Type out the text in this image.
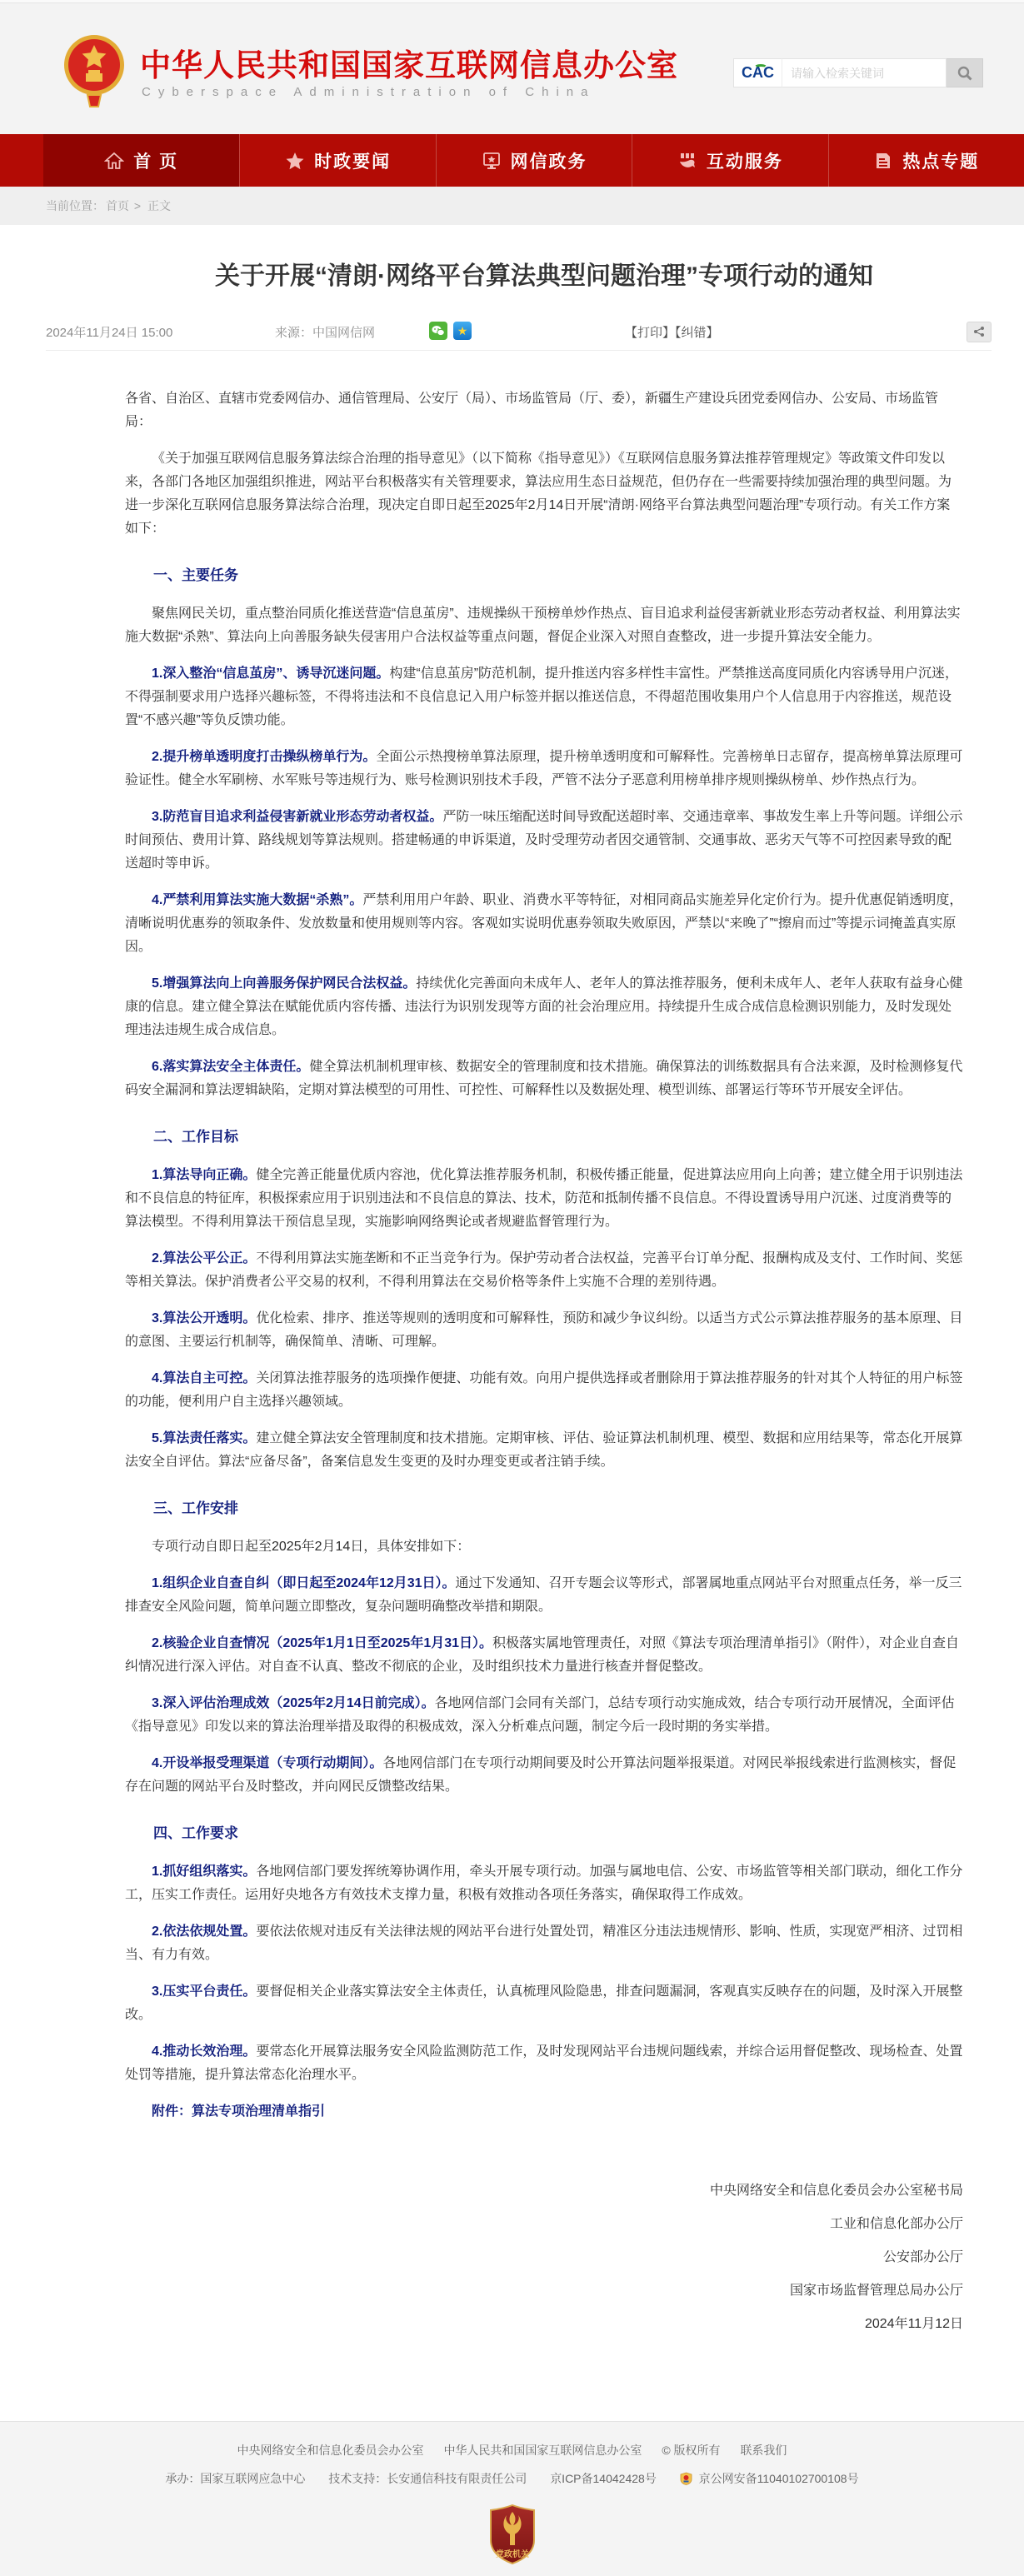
中华人民共和国国家互联网信息办公室
Cyberspace Administration of China
CAC
请输入检索关键词
首 页	时政要闻	网信政务	互动服务	热点专题
当前位置： 首页 > 正文
关于开展“清朗·网络平台算法典型问题治理”专项行动的通知
2024年11月24日 15:00	来源：中国网信网	★	【打印】【纠错】

各省、自治区、直辖市党委网信办、通信管理局、公安厅（局）、市场监管局（厅、委），新疆生产建设兵团党委网信办、公安局、市场监管局：

《关于加强互联网信息服务算法综合治理的指导意见》（以下简称《指导意见》）《互联网信息服务算法推荐管理规定》等政策文件印发以来，各部门各地区加强组织推进，网站平台积极落实有关管理要求，算法应用生态日益规范，但仍存在一些需要持续加强治理的典型问题。为进一步深化互联网信息服务算法综合治理，现决定自即日起至2025年2月14日开展“清朗·网络平台算法典型问题治理”专项行动。有关工作方案如下：

一、主要任务

聚焦网民关切，重点整治同质化推送营造“信息茧房”、违规操纵干预榜单炒作热点、盲目追求利益侵害新就业形态劳动者权益、利用算法实施大数据“杀熟”、算法向上向善服务缺失侵害用户合法权益等重点问题，督促企业深入对照自查整改，进一步提升算法安全能力。

1.深入整治“信息茧房”、诱导沉迷问题。构建“信息茧房”防范机制，提升推送内容多样性丰富性。严禁推送高度同质化内容诱导用户沉迷，不得强制要求用户选择兴趣标签，不得将违法和不良信息记入用户标签并据以推送信息，不得超范围收集用户个人信息用于内容推送，规范设置“不感兴趣”等负反馈功能。

2.提升榜单透明度打击操纵榜单行为。全面公示热搜榜单算法原理，提升榜单透明度和可解释性。完善榜单日志留存，提高榜单算法原理可验证性。健全水军刷榜、水军账号等违规行为、账号检测识别技术手段，严管不法分子恶意利用榜单排序规则操纵榜单、炒作热点行为。

3.防范盲目追求利益侵害新就业形态劳动者权益。严防一味压缩配送时间导致配送超时率、交通违章率、事故发生率上升等问题。详细公示时间预估、费用计算、路线规划等算法规则。搭建畅通的申诉渠道，及时受理劳动者因交通管制、交通事故、恶劣天气等不可控因素导致的配送超时等申诉。

4.严禁利用算法实施大数据“杀熟”。严禁利用用户年龄、职业、消费水平等特征，对相同商品实施差异化定价行为。提升优惠促销透明度，清晰说明优惠券的领取条件、发放数量和使用规则等内容。客观如实说明优惠券领取失败原因，严禁以“来晚了”“擦肩而过”等提示词掩盖真实原因。

5.增强算法向上向善服务保护网民合法权益。持续优化完善面向未成年人、老年人的算法推荐服务，便利未成年人、老年人获取有益身心健康的信息。建立健全算法在赋能优质内容传播、违法行为识别发现等方面的社会治理应用。持续提升生成合成信息检测识别能力，及时发现处理违法违规生成合成信息。

6.落实算法安全主体责任。健全算法机制机理审核、数据安全的管理制度和技术措施。确保算法的训练数据具有合法来源，及时检测修复代码安全漏洞和算法逻辑缺陷，定期对算法模型的可用性、可控性、可解释性以及数据处理、模型训练、部署运行等环节开展安全评估。

二、工作目标

1.算法导向正确。健全完善正能量优质内容池，优化算法推荐服务机制，积极传播正能量，促进算法应用向上向善；建立健全用于识别违法和不良信息的特征库，积极探索应用于识别违法和不良信息的算法、技术，防范和抵制传播不良信息。不得设置诱导用户沉迷、过度消费等的算法模型。不得利用算法干预信息呈现，实施影响网络舆论或者规避监督管理行为。

2.算法公平公正。不得利用算法实施垄断和不正当竞争行为。保护劳动者合法权益，完善平台订单分配、报酬构成及支付、工作时间、奖惩等相关算法。保护消费者公平交易的权利，不得利用算法在交易价格等条件上实施不合理的差别待遇。

3.算法公开透明。优化检索、排序、推送等规则的透明度和可解释性，预防和减少争议纠纷。以适当方式公示算法推荐服务的基本原理、目的意图、主要运行机制等，确保简单、清晰、可理解。

4.算法自主可控。关闭算法推荐服务的选项操作便捷、功能有效。向用户提供选择或者删除用于算法推荐服务的针对其个人特征的用户标签的功能，便利用户自主选择兴趣领域。

5.算法责任落实。建立健全算法安全管理制度和技术措施。定期审核、评估、验证算法机制机理、模型、数据和应用结果等，常态化开展算法安全自评估。算法“应备尽备”，备案信息发生变更的及时办理变更或者注销手续。

三、工作安排

专项行动自即日起至2025年2月14日，具体安排如下：

1.组织企业自查自纠（即日起至2024年12月31日）。通过下发通知、召开专题会议等形式，部署属地重点网站平台对照重点任务，举一反三排查安全风险问题，简单问题立即整改，复杂问题明确整改举措和期限。

2.核验企业自查情况（2025年1月1日至2025年1月31日）。积极落实属地管理责任，对照《算法专项治理清单指引》（附件），对企业自查自纠情况进行深入评估。对自查不认真、整改不彻底的企业，及时组织技术力量进行核查并督促整改。

3.深入评估治理成效（2025年2月14日前完成）。各地网信部门会同有关部门，总结专项行动实施成效，结合专项行动开展情况，全面评估《指导意见》印发以来的算法治理举措及取得的积极成效，深入分析难点问题，制定今后一段时期的务实举措。

4.开设举报受理渠道（专项行动期间）。各地网信部门在专项行动期间要及时公开算法问题举报渠道。对网民举报线索进行监测核实，督促存在问题的网站平台及时整改，并向网民反馈整改结果。

四、工作要求

1.抓好组织落实。各地网信部门要发挥统筹协调作用，牵头开展专项行动。加强与属地电信、公安、市场监管等相关部门联动，细化工作分工，压实工作责任。运用好央地各方有效技术支撑力量，积极有效推动各项任务落实，确保取得工作成效。

2.依法依规处置。要依法依规对违反有关法律法规的网站平台进行处置处罚，精准区分违法违规情形、影响、性质，实现宽严相济、过罚相当、有力有效。

3.压实平台责任。要督促相关企业落实算法安全主体责任，认真梳理风险隐患，排查问题漏洞，客观真实反映存在的问题，及时深入开展整改。

4.推动长效治理。要常态化开展算法服务安全风险监测防范工作，及时发现网站平台违规问题线索，并综合运用督促整改、现场检查、处置处罚等措施，提升算法常态化治理水平。

附件：算法专项治理清单指引

中央网络安全和信息化委员会办公室秘书局

工业和信息化部办公厅

公安部办公厅

国家市场监督管理总局办公厅

2024年11月12日

中央网络安全和信息化委员会办公室 中华人民共和国国家互联网信息办公室 © 版权所有 联系我们
承办：国家互联网应急中心 技术支持：长安通信科技有限责任公司 京ICP备14042428号	京公网安备11040102700108号
党政机关
